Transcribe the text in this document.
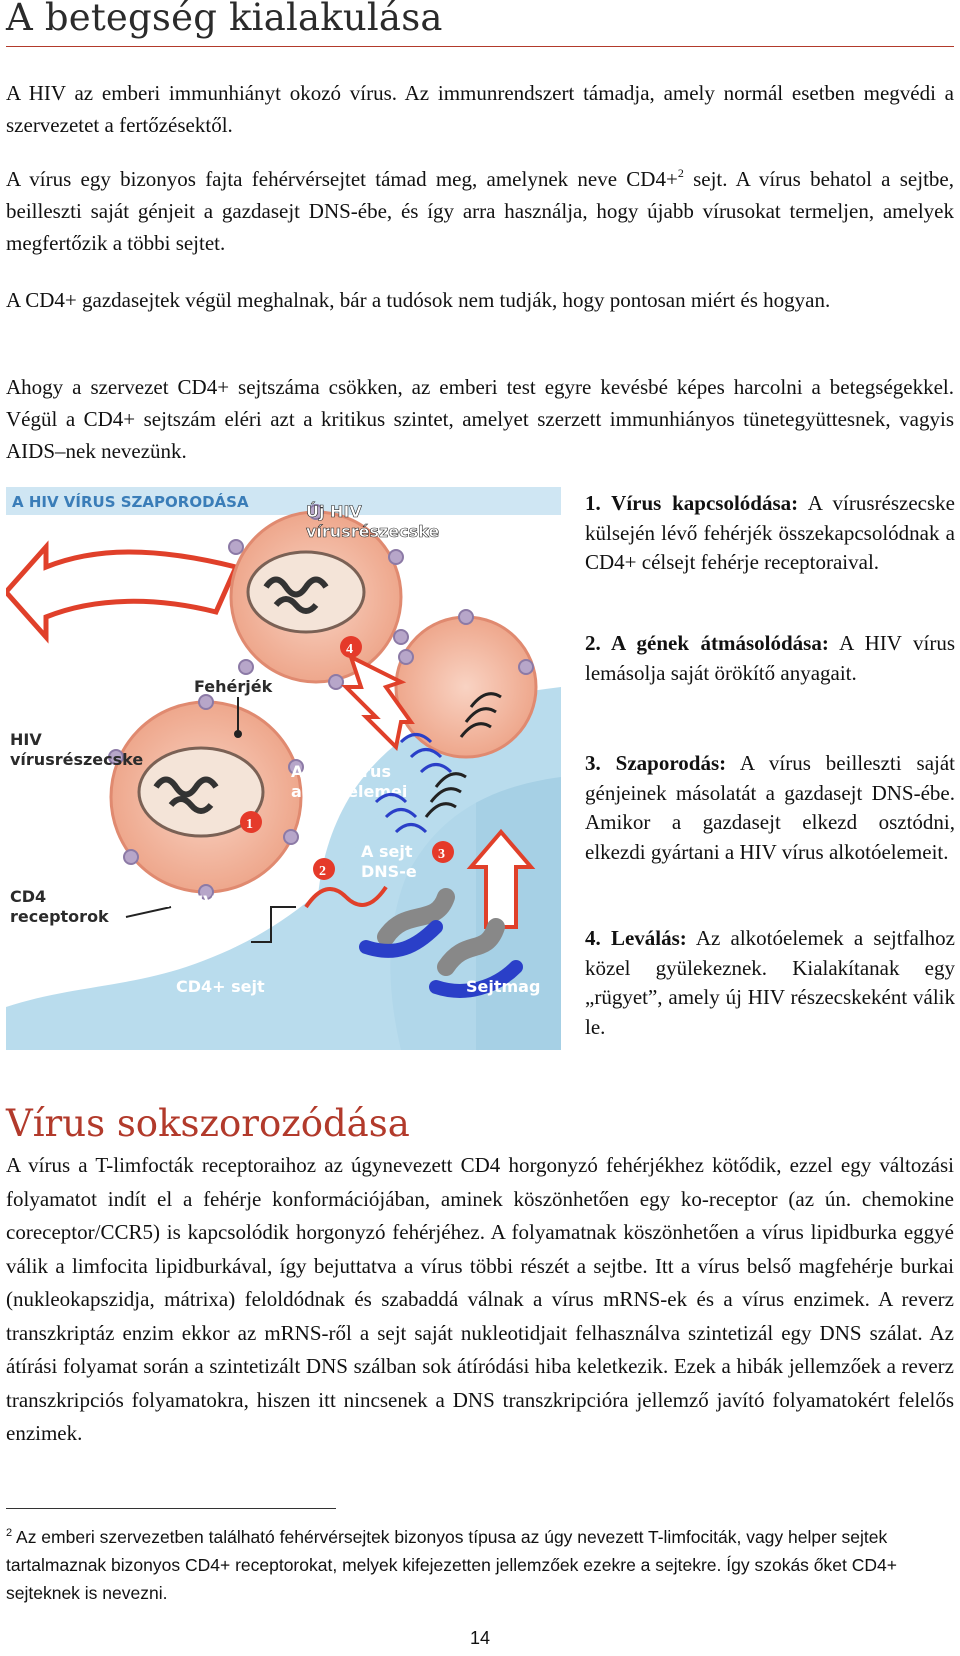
A betegség kialakulása

A HIV az emberi immunhiányt okozó vírus. Az immunrendszert támadja, amely normál esetben megvédi a szervezetet a fertőzésektől.

A vírus egy bizonyos fajta fehérvérsejtet támad meg, amelynek neve CD4+$^2$ sejt. A vírus behatol a sejtbe, beilleszti saját génjeit a gazdasejt DNS-ébe, és így arra használja, hogy újabb vírusokat termeljen, amelyek megfertőzik a többi sejtet.

A CD4+ gazdasejtek végül meghalnak, bár a tudósok nem tudják, hogy pontosan miért és hogyan.

Ahogy a szervezet CD4+ sejtszáma csökken, az emberi test egyre kevésbé képes harcolni a betegségekkel. Végül a CD4+ sejtszám eléri azt a kritikus szintet, amelyet szerzett immunhiányos tünetegyüttesnek, vagyis AIDS–nek nevezünk.

A HIV VÍRUS SZAPORODÁSA
4
Új HIV
vírusrészecske
1
Fehérjék
HIV
vírusrészecske
A HIV vírus
alkotóelemei
2
3
A sejt
DNS-e
CD4
receptorok
A HIV
örökítő
anyagai
CD4+ sejt	Sejtmag

1. Vírus kapcsolódása: A vírusrészecske külsején lévő fehérjék összekapcsolódnak a CD4+ célsejt fehérje receptoraival.

2. A gének átmásolódása: A HIV vírus lemásolja saját örökítő anyagait.

3. Szaporodás: A vírus beilleszti saját génjeinek másolatát a gazdasejt DNS-ébe. Amikor a gazdasejt elkezd osztódni, elkezdi gyártani a HIV vírus alkotóelemeit.

4. Leválás: Az alkotóelemek a sejtfalhoz közel gyülekeznek. Kialakítanak egy „rügyet”, amely új HIV részecskeként válik le.

Vírus sokszorozódása

A vírus a T-limfocták receptoraihoz az úgynevezett CD4 horgonyzó fehérjékhez kötődik, ezzel egy változási folyamatot indít el a fehérje konformációjában, aminek köszönhetően egy ko-receptor (az ún. chemokine coreceptor/CCR5) is kapcsolódik horgonyzó fehérjéhez. A folyamatnak köszönhetően a vírus lipidburka eggyé válik a limfocita lipidburkával, így bejuttatva a vírus többi részét a sejtbe. Itt a vírus belső magfehérje burkai (nukleokapszidja, mátrixa) feloldódnak és szabaddá válnak a vírus mRNS-ek és a vírus enzimek. A reverz transzkriptáz enzim ekkor az mRNS-ről a sejt saját nukleotidjait felhasználva szintetizál egy DNS szálat. Az átírási folyamat során a szintetizált DNS szálban sok átíródási hiba keletkezik. Ezek a hibák jellemzőek a reverz transzkripciós folyamatokra, hiszen itt nincsenek a DNS transzkripcióra jellemző javító folyamatokért felelős enzimek.

$^2$ Az emberi szervezetben található fehérvérsejtek bizonyos típusa az úgy nevezett T-limfociták, vagy helper sejtek tartalmaznak bizonyos CD4+ receptorokat, melyek kifejezetten jellemzőek ezekre a sejtekre. Így szokás őket CD4+ sejteknek is nevezni.

14
